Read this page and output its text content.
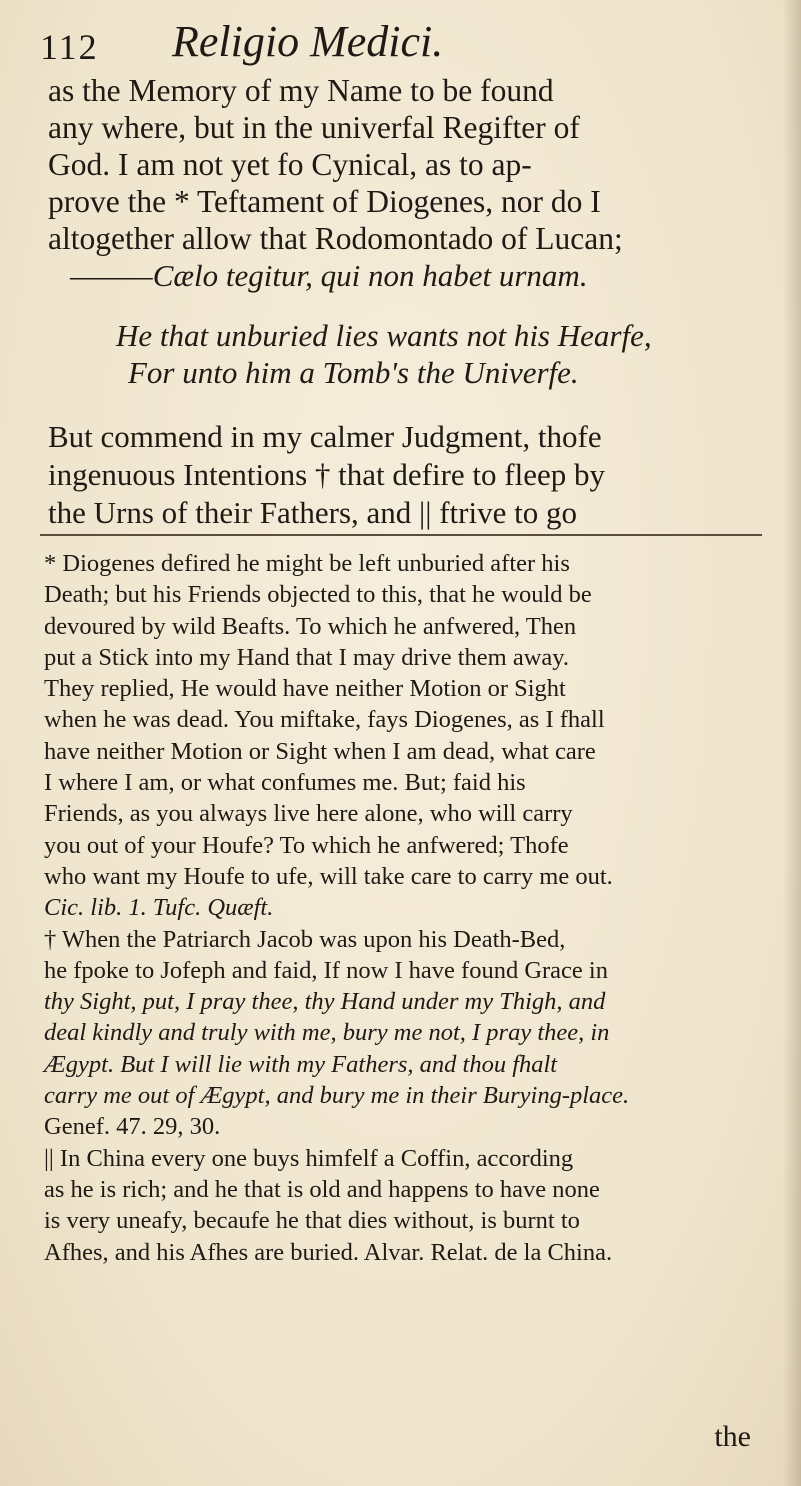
112 Religio Medici.

as the Memory of my Name to be found

any where, but in the univerfal Regifter of

God. I am not yet fo Cynical, as to ap-

prove the * Teftament of Diogenes, nor do I

altogether allow that Rodomontado of Lucan;

———Cælo tegitur, qui non habet urnam.
He that unburied lies wants not his Hearfe,
For unto him a Tomb's the Univerfe.

But commend in my calmer Judgment, thofe

ingenuous Intentions † that defire to fleep by

the Urns of their Fathers, and || ftrive to go

* Diogenes defired he might be left unburied after his

Death; but his Friends objected to this, that he would be

devoured by wild Beafts. To which he anfwered, Then

put a Stick into my Hand that I may drive them away.

They replied, He would have neither Motion or Sight

when he was dead. You miftake, fays Diogenes, as I fhall

have neither Motion or Sight when I am dead, what care

I where I am, or what confumes me. But; faid his

Friends, as you always live here alone, who will carry

you out of your Houfe? To which he anfwered; Thofe

who want my Houfe to ufe, will take care to carry me out.

Cic. lib. 1. Tufc. Quæft.

† When the Patriarch Jacob was upon his Death-Bed,

he fpoke to Jofeph and faid, If now I have found Grace in

thy Sight, put, I pray thee, thy Hand under my Thigh, and

deal kindly and truly with me, bury me not, I pray thee, in

Ægypt. But I will lie with my Fathers, and thou fhalt

carry me out of Ægypt, and bury me in their Burying-place.

Genef. 47. 29, 30.

|| In China every one buys himfelf a Coffin, according

as he is rich; and he that is old and happens to have none

is very uneafy, becaufe he that dies without, is burnt to

Afhes, and his Afhes are buried. Alvar. Relat. de la China.

the
